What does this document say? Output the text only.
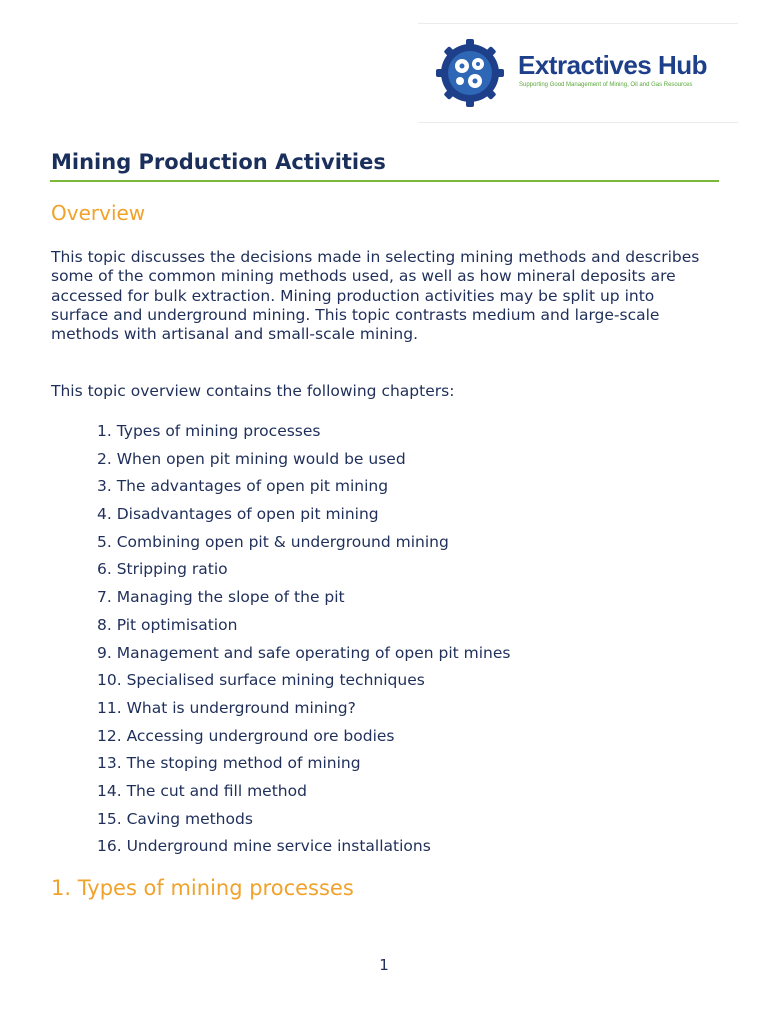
Extractives Hub
Supporting Good Management of Mining, Oil and Gas Resources
Mining Production Activities
Overview

This topic discusses the decisions made in selecting mining methods and describes some of the common mining methods used, as well as how mineral deposits are accessed for bulk extraction. Mining production activities may be split up into surface and underground mining. This topic contrasts medium and large-scale methods with artisanal and small-scale mining.

This topic overview contains the following chapters:

1. Types of mining processes
2. When open pit mining would be used
3. The advantages of open pit mining
4. Disadvantages of open pit mining
5. Combining open pit & underground mining
6. Stripping ratio
7. Managing the slope of the pit
8. Pit optimisation
9. Management and safe operating of open pit mines
10. Specialised surface mining techniques
11. What is underground mining?
12. Accessing underground ore bodies
13. The stoping method of mining
14. The cut and fill method
15. Caving methods
16. Underground mine service installations
1. Types of mining processes
1
